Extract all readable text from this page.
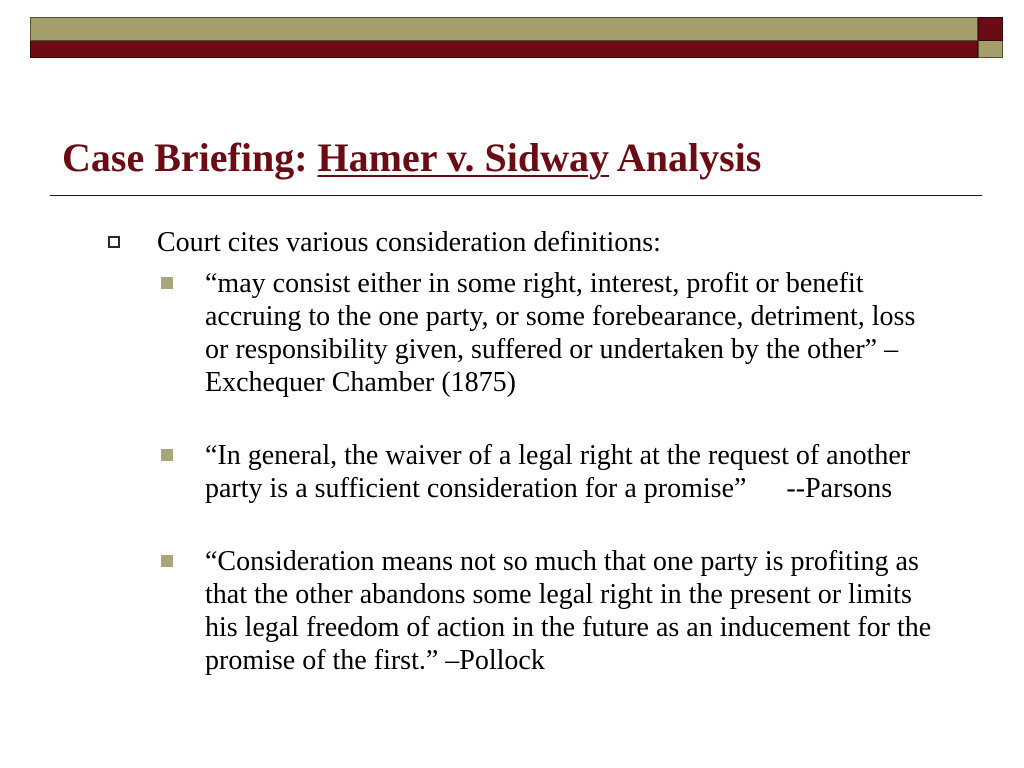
Case Briefing: Hamer v. Sidway Analysis
Court cites various consideration definitions:
“may consist either in some right, interest, profit or benefit accruing to the one party, or some forebearance, detriment, loss or responsibility given, suffered or undertaken by the other” –Exchequer Chamber (1875)
“In general, the waiver of a legal right at the request of another party is a sufficient consideration for a promise” --Parsons
“Consideration means not so much that one party is profiting as that the other abandons some legal right in the present or limits his legal freedom of action in the future as an inducement for the promise of the first.” –Pollock
